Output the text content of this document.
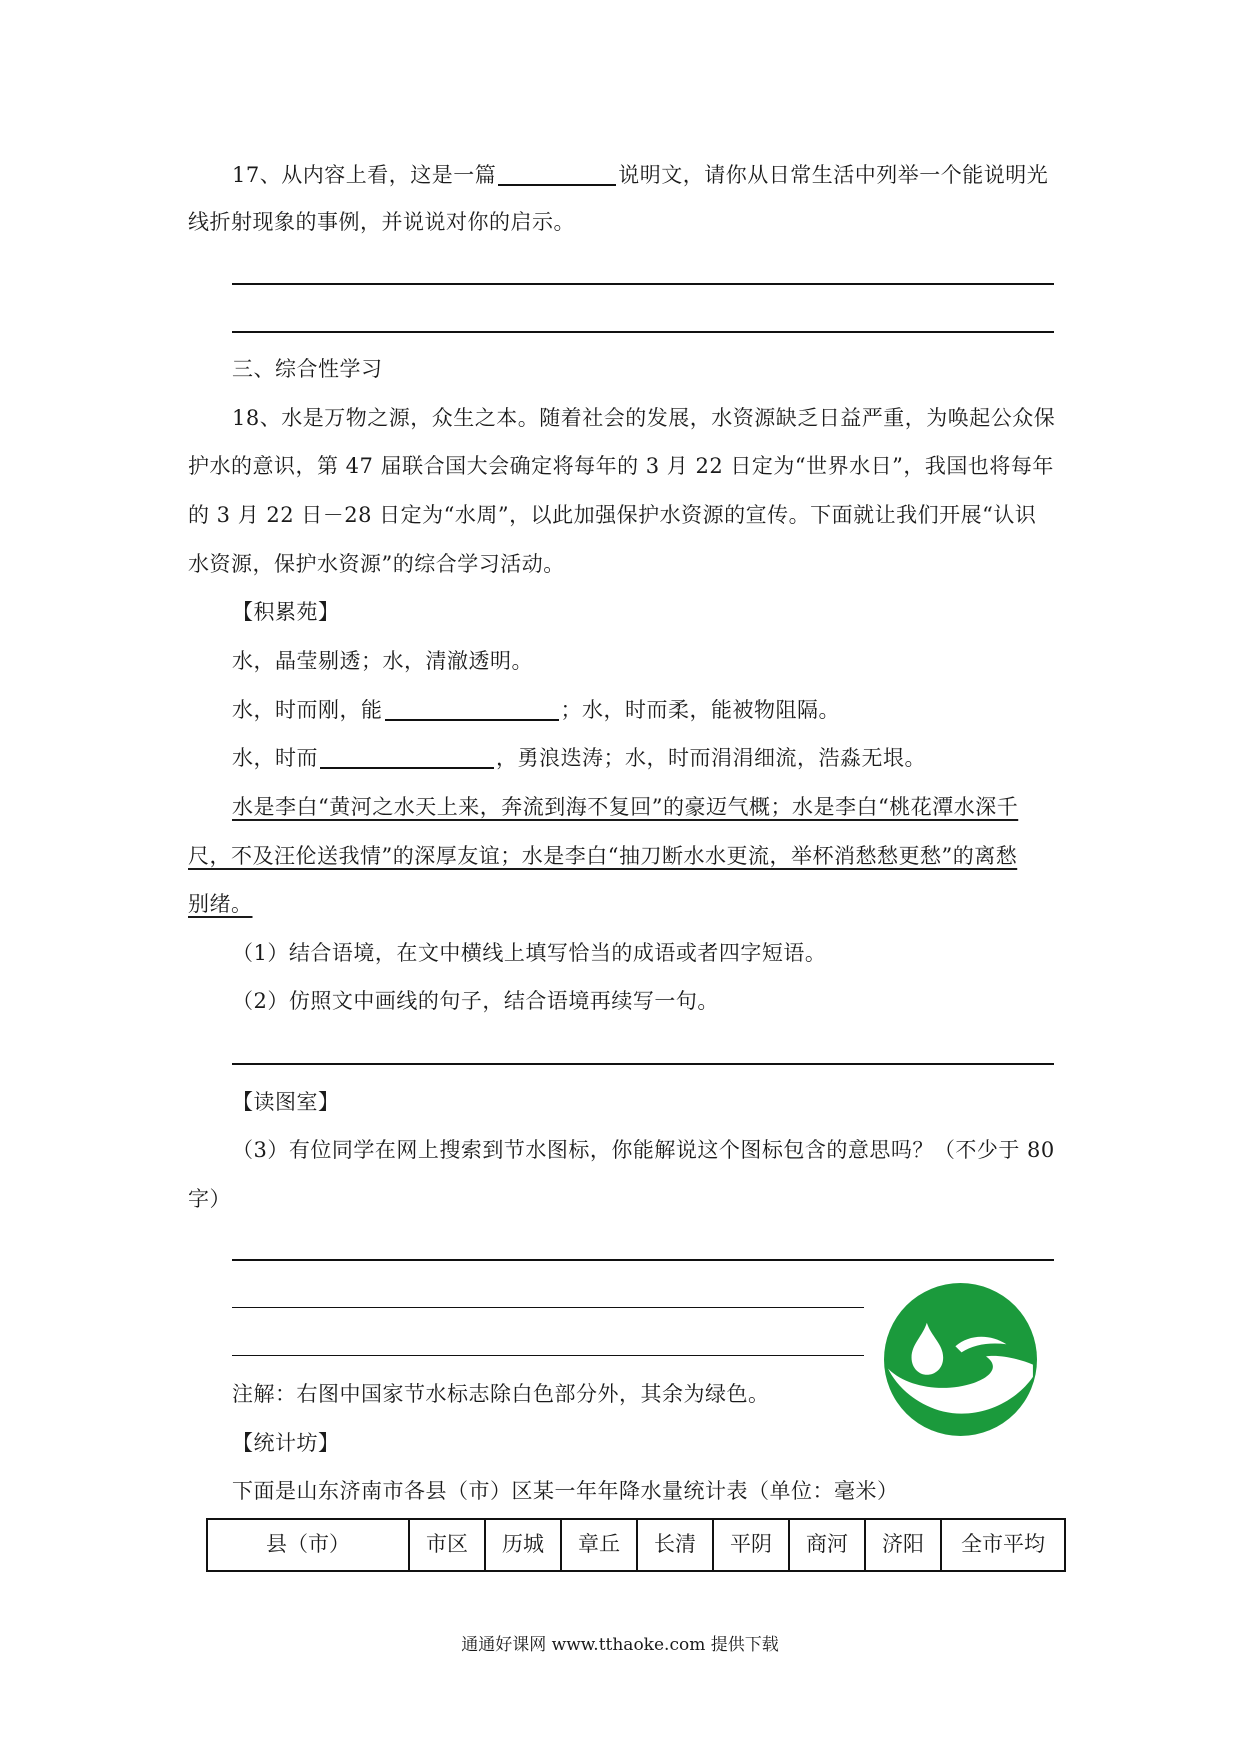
17、从内容上看，这是一篇	说明文，请你从日常生活中列举一个能说明光
线折射现象的事例，并说说对你的启示。
三、综合性学习
18、水是万物之源，众生之本。随着社会的发展，水资源缺乏日益严重，为唤起公众保
护水的意识，第 47 届联合国大会确定将每年的 3 月 22 日定为“世界水日”，我国也将每年
的 3 月 22 日－28 日定为“水周”，以此加强保护水资源的宣传。下面就让我们开展“认识
水资源，保护水资源”的综合学习活动。
【积累苑】
水，晶莹剔透；水，清澈透明。
水，时而刚，能	；水，时而柔，能被物阻隔。
水，时而	，勇浪迭涛；水，时而涓涓细流，浩淼无垠。
水是李白“黄河之水天上来，奔流到海不复回”的豪迈气概；水是李白“桃花潭水深千
尺，不及汪伦送我情”的深厚友谊；水是李白“抽刀断水水更流，举杯消愁愁更愁”的离愁
别绪。
（1）结合语境，在文中横线上填写恰当的成语或者四字短语。
（2）仿照文中画线的句子，结合语境再续写一句。
【读图室】
（3）有位同学在网上搜索到节水图标，你能解说这个图标包含的意思吗？（不少于 80
字）
注解：右图中国家节水标志除白色部分外，其余为绿色。
【统计坊】
下面是山东济南市各县（市）区某一年年降水量统计表（单位：毫米）
县（市）	市区	历城	章丘	长清	平阴	商河	济阳	全市平均
通通好课网 www.tthaoke.com 提供下载
